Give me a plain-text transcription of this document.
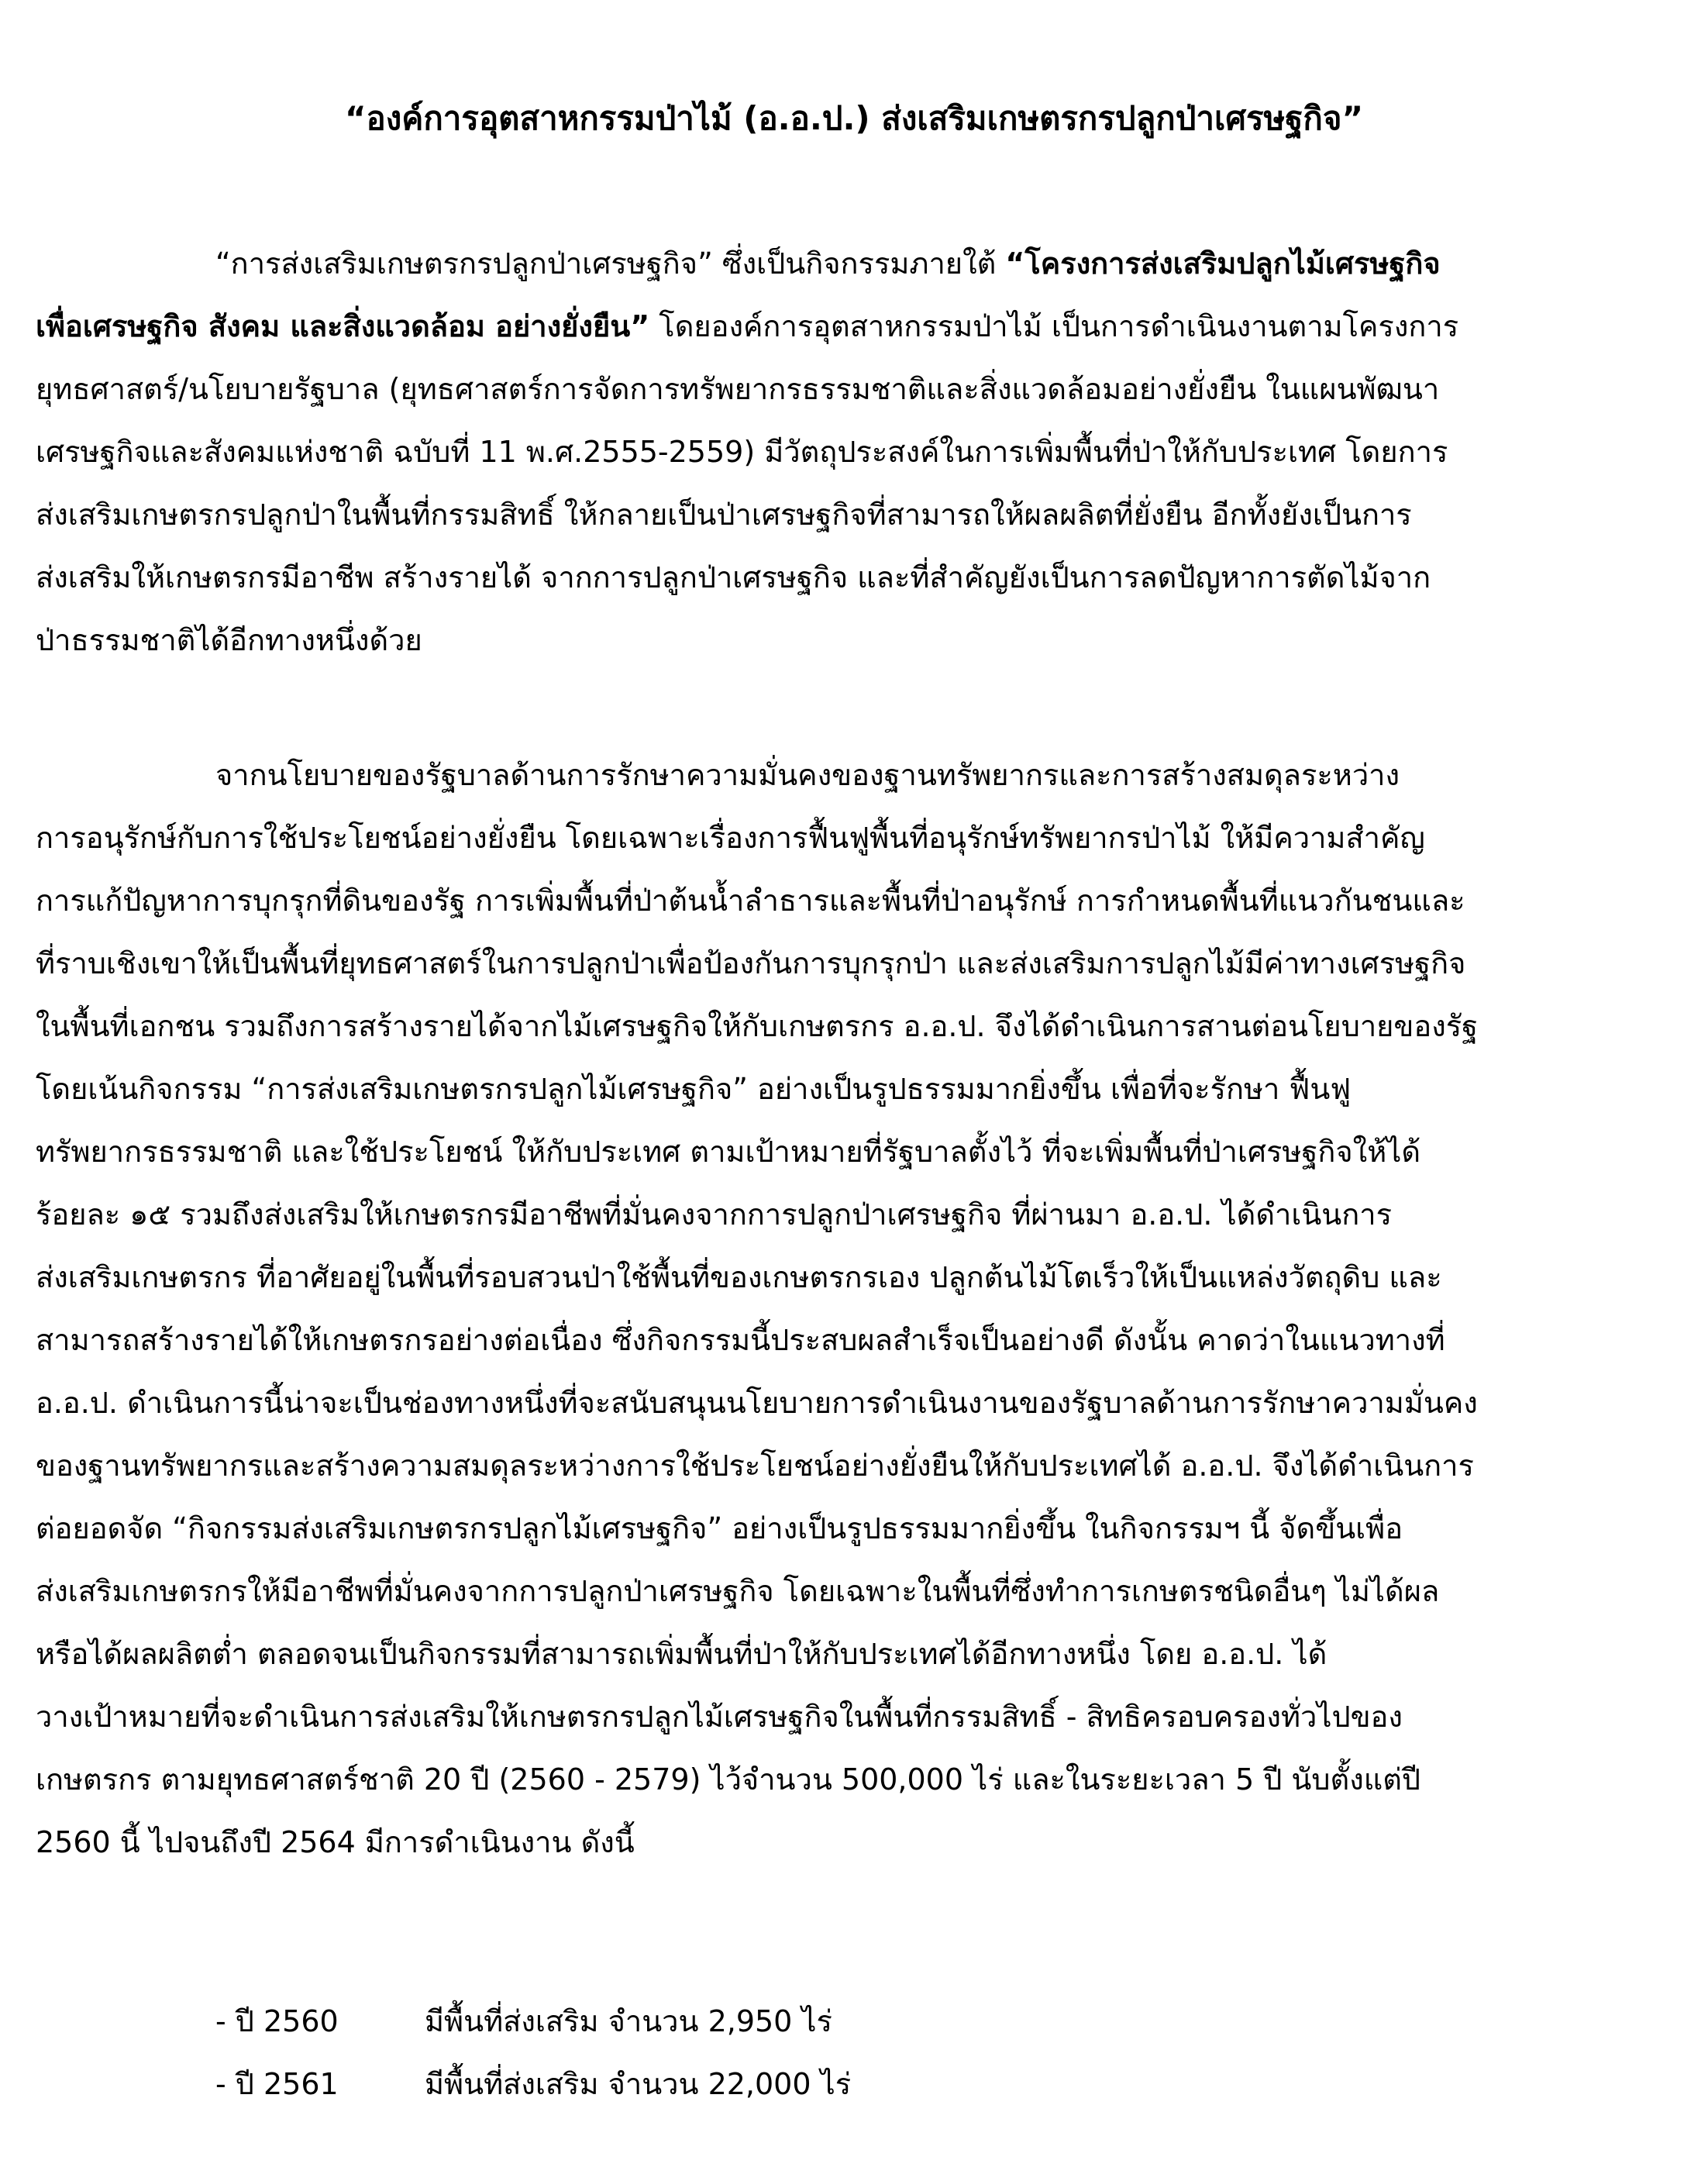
“องค์การอุตสาหกรรมป่าไม้ (อ.อ.ป.) ส่งเสริมเกษตรกรปลูกป่าเศรษฐกิจ”
“การส่งเสริมเกษตรกรปลูกป่าเศรษฐกิจ” ซึ่งเป็นกิจกรรมภายใต้ “โครงการส่งเสริมปลูกไม้เศรษฐกิจ
เพื่อเศรษฐกิจ สังคม และสิ่งแวดล้อม อย่างยั่งยืน” โดยองค์การอุตสาหกรรมป่าไม้ เป็นการดำเนินงานตามโครงการ
ยุทธศาสตร์/นโยบายรัฐบาล (ยุทธศาสตร์การจัดการทรัพยากรธรรมชาติและสิ่งแวดล้อมอย่างยั่งยืน ในแผนพัฒนา
เศรษฐกิจและสังคมแห่งชาติ ฉบับที่ 11 พ.ศ.2555-2559) มีวัตถุประสงค์ในการเพิ่มพื้นที่ป่าให้กับประเทศ โดยการ
ส่งเสริมเกษตรกรปลูกป่าในพื้นที่กรรมสิทธิ์ ให้กลายเป็นป่าเศรษฐกิจที่สามารถให้ผลผลิตที่ยั่งยืน อีกทั้งยังเป็นการ
ส่งเสริมให้เกษตรกรมีอาชีพ สร้างรายได้ จากการปลูกป่าเศรษฐกิจ และที่สำคัญยังเป็นการลดปัญหาการตัดไม้จาก
ป่าธรรมชาติได้อีกทางหนึ่งด้วย
จากนโยบายของรัฐบาลด้านการรักษาความมั่นคงของฐานทรัพยากรและการสร้างสมดุลระหว่าง
การอนุรักษ์กับการใช้ประโยชน์อย่างยั่งยืน โดยเฉพาะเรื่องการฟื้นฟูพื้นที่อนุรักษ์ทรัพยากรป่าไม้ ให้มีความสำคัญ
การแก้ปัญหาการบุกรุกที่ดินของรัฐ การเพิ่มพื้นที่ป่าต้นน้ำลำธารและพื้นที่ป่าอนุรักษ์ การกำหนดพื้นที่แนวกันชนและ
ที่ราบเชิงเขาให้เป็นพื้นที่ยุทธศาสตร์ในการปลูกป่าเพื่อป้องกันการบุกรุกป่า และส่งเสริมการปลูกไม้มีค่าทางเศรษฐกิจ
ในพื้นที่เอกชน รวมถึงการสร้างรายได้จากไม้เศรษฐกิจให้กับเกษตรกร อ.อ.ป. จึงได้ดำเนินการสานต่อนโยบายของรัฐ
โดยเน้นกิจกรรม “การส่งเสริมเกษตรกรปลูกไม้เศรษฐกิจ” อย่างเป็นรูปธรรมมากยิ่งขึ้น เพื่อที่จะรักษา ฟื้นฟู
ทรัพยากรธรรมชาติ และใช้ประโยชน์ ให้กับประเทศ ตามเป้าหมายที่รัฐบาลตั้งไว้ ที่จะเพิ่มพื้นที่ป่าเศรษฐกิจให้ได้
ร้อยละ ๑๕ รวมถึงส่งเสริมให้เกษตรกรมีอาชีพที่มั่นคงจากการปลูกป่าเศรษฐกิจ ที่ผ่านมา อ.อ.ป. ได้ดำเนินการ
ส่งเสริมเกษตรกร ที่อาศัยอยู่ในพื้นที่รอบสวนป่าใช้พื้นที่ของเกษตรกรเอง ปลูกต้นไม้โตเร็วให้เป็นแหล่งวัตถุดิบ และ
สามารถสร้างรายได้ให้เกษตรกรอย่างต่อเนื่อง ซึ่งกิจกรรมนี้ประสบผลสำเร็จเป็นอย่างดี ดังนั้น คาดว่าในแนวทางที่
อ.อ.ป. ดำเนินการนี้น่าจะเป็นช่องทางหนึ่งที่จะสนับสนุนนโยบายการดำเนินงานของรัฐบาลด้านการรักษาความมั่นคง
ของฐานทรัพยากรและสร้างความสมดุลระหว่างการใช้ประโยชน์อย่างยั่งยืนให้กับประเทศได้ อ.อ.ป. จึงได้ดำเนินการ
ต่อยอดจัด “กิจกรรมส่งเสริมเกษตรกรปลูกไม้เศรษฐกิจ” อย่างเป็นรูปธรรมมากยิ่งขึ้น ในกิจกรรมฯ นี้ จัดขึ้นเพื่อ
ส่งเสริมเกษตรกรให้มีอาชีพที่มั่นคงจากการปลูกป่าเศรษฐกิจ โดยเฉพาะในพื้นที่ซึ่งทำการเกษตรชนิดอื่นๆ ไม่ได้ผล
หรือได้ผลผลิตต่ำ ตลอดจนเป็นกิจกรรมที่สามารถเพิ่มพื้นที่ป่าให้กับประเทศได้อีกทางหนึ่ง โดย อ.อ.ป. ได้
วางเป้าหมายที่จะดำเนินการส่งเสริมให้เกษตรกรปลูกไม้เศรษฐกิจในพื้นที่กรรมสิทธิ์ - สิทธิครอบครองทั่วไปของ
เกษตรกร ตามยุทธศาสตร์ชาติ 20 ปี (2560 - 2579) ไว้จำนวน 500,000 ไร่ และในระยะเวลา 5 ปี นับตั้งแต่ปี
2560 นี้ ไปจนถึงปี 2564 มีการดำเนินงาน ดังนี้
- ปี 2560	มีพื้นที่ส่งเสริม จำนวน 2,950 ไร่
- ปี 2561	มีพื้นที่ส่งเสริม จำนวน 22,000 ไร่
